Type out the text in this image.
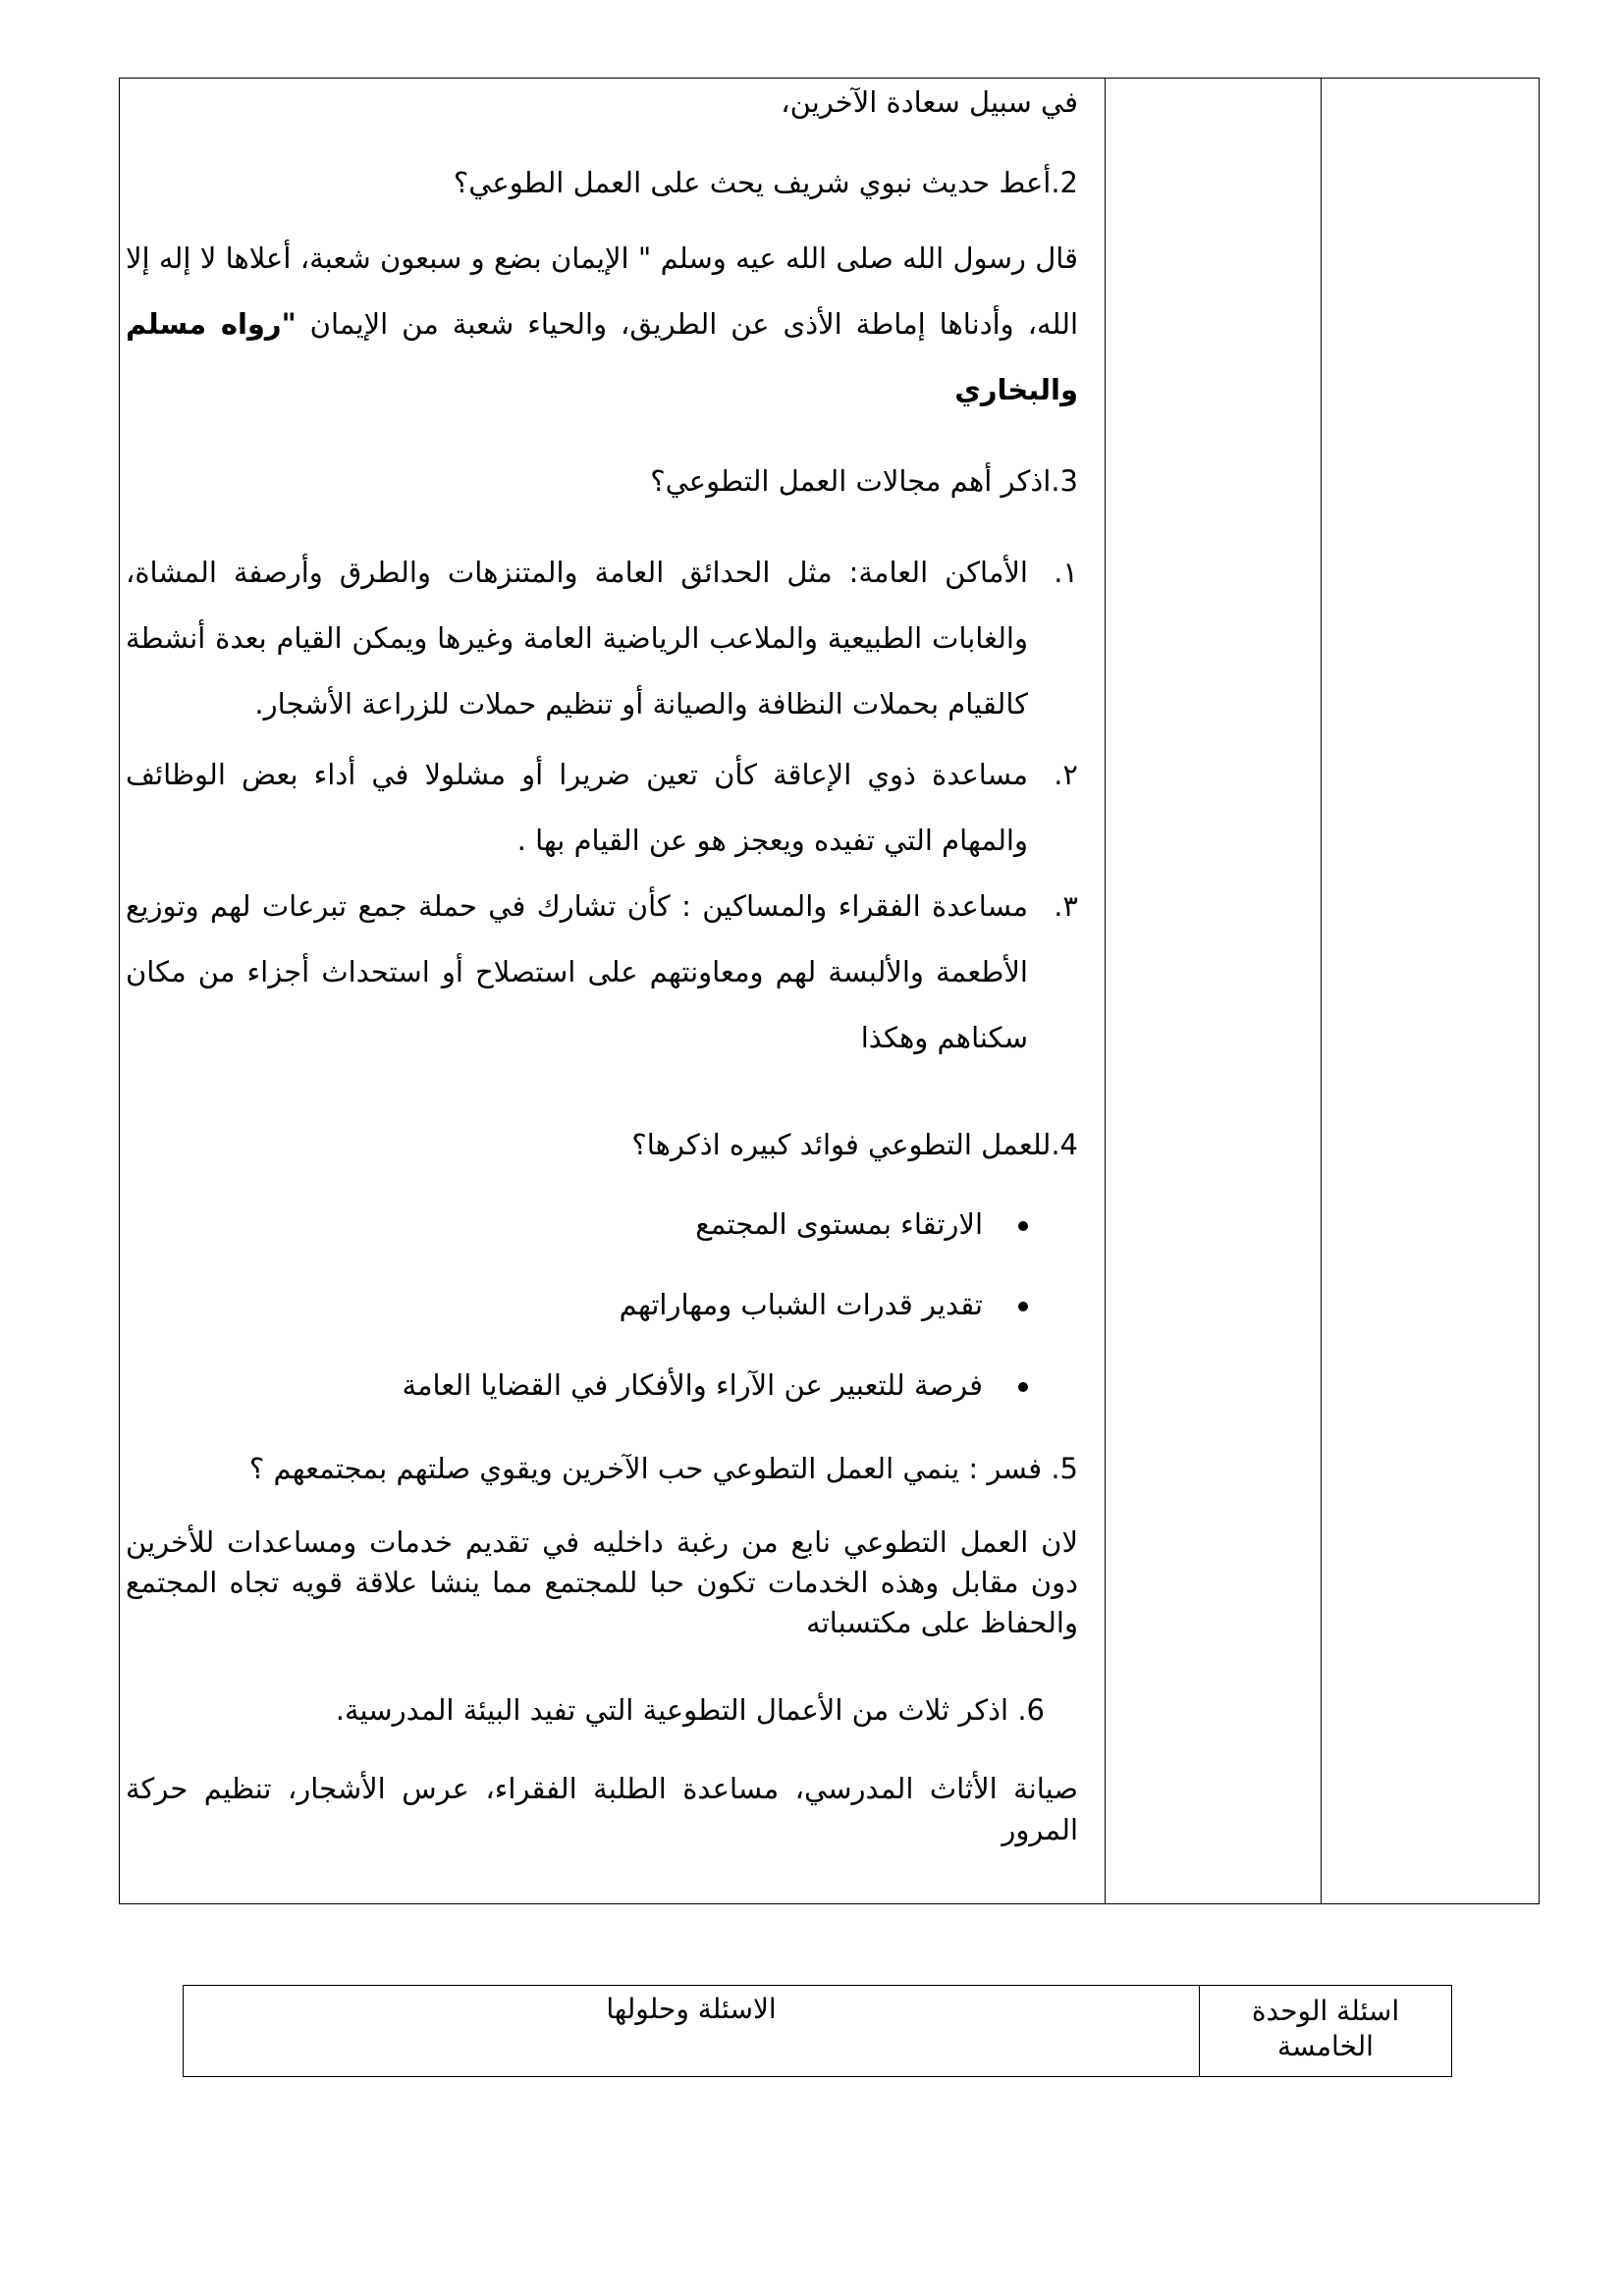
في سبيل سعادة الآخرين،
2.أعط حديث نبوي شريف يحث على العمل الطوعي؟
قال رسول الله صلى الله عيه وسلم " الإيمان بضع و سبعون شعبة، أعلاها لا إله إلا الله، وأدناها إماطة الأذى عن الطريق، والحياء شعبة من الإيمان "رواه مسلم والبخاري
3.اذكر أهم مجالات العمل التطوعي؟
١.
الأماكن العامة: مثل الحدائق العامة والمتنزهات والطرق وأرصفة المشاة، والغابات الطبيعية والملاعب الرياضية العامة وغيرها ويمكن القيام بعدة أنشطة كالقيام بحملات النظافة والصيانة أو تنظيم حملات للزراعة الأشجار.
٢.
مساعدة ذوي الإعاقة كأن تعين ضريرا أو مشلولا في أداء بعض الوظائف والمهام التي تفيده ويعجز هو عن القيام بها .
٣.
مساعدة الفقراء والمساكين : كأن تشارك في حملة جمع تبرعات لهم وتوزيع الأطعمة والألبسة لهم ومعاونتهم على استصلاح أو استحداث أجزاء من مكان سكناهم وهكذا
4.للعمل التطوعي فوائد كبيره اذكرها؟
الارتقاء بمستوى المجتمع
تقدير قدرات الشباب ومهاراتهم
فرصة للتعبير عن الآراء والأفكار في القضايا العامة
5. فسر : ينمي العمل التطوعي حب الآخرين ويقوي صلتهم بمجتمعهم ؟
لان العمل التطوعي نابع من رغبة داخليه في تقديم خدمات ومساعدات للأخرين دون مقابل وهذه الخدمات تكون حبا للمجتمع مما ينشا علاقة قويه تجاه المجتمع والحفاظ على مكتسباته
6. اذكر ثلاث من الأعمال التطوعية التي تفيد البيئة المدرسية.
صيانة الأثاث المدرسي، مساعدة الطلبة الفقراء، عرس الأشجار، تنظيم حركة المرور
اسئلة الوحدة الخامسة
الاسئلة وحلولها
